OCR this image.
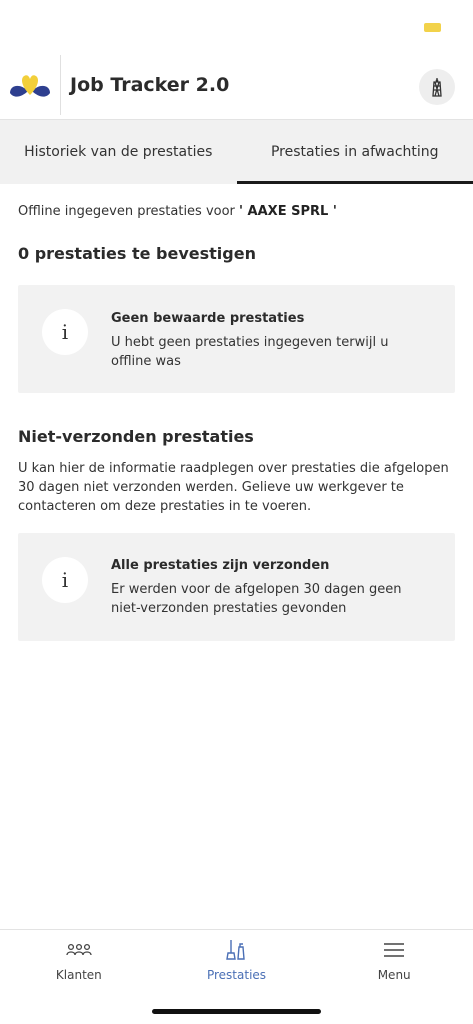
Job Tracker 2.0
Historiek van de prestaties	Prestaties in afwachting
Offline ingegeven prestaties voor ' AAXE SPRL '
0 prestaties te bevestigen
i
Geen bewaarde prestaties
U hebt geen prestaties ingegeven terwijl u offline was
Niet-verzonden prestaties
U kan hier de informatie raadplegen over prestaties die afgelopen 30 dagen niet verzonden werden. Gelieve uw werkgever te contacteren om deze prestaties in te voeren.
i
Alle prestaties zijn verzonden
Er werden voor de afgelopen 30 dagen geen niet-verzonden prestaties gevonden
Klanten	Prestaties	Menu
